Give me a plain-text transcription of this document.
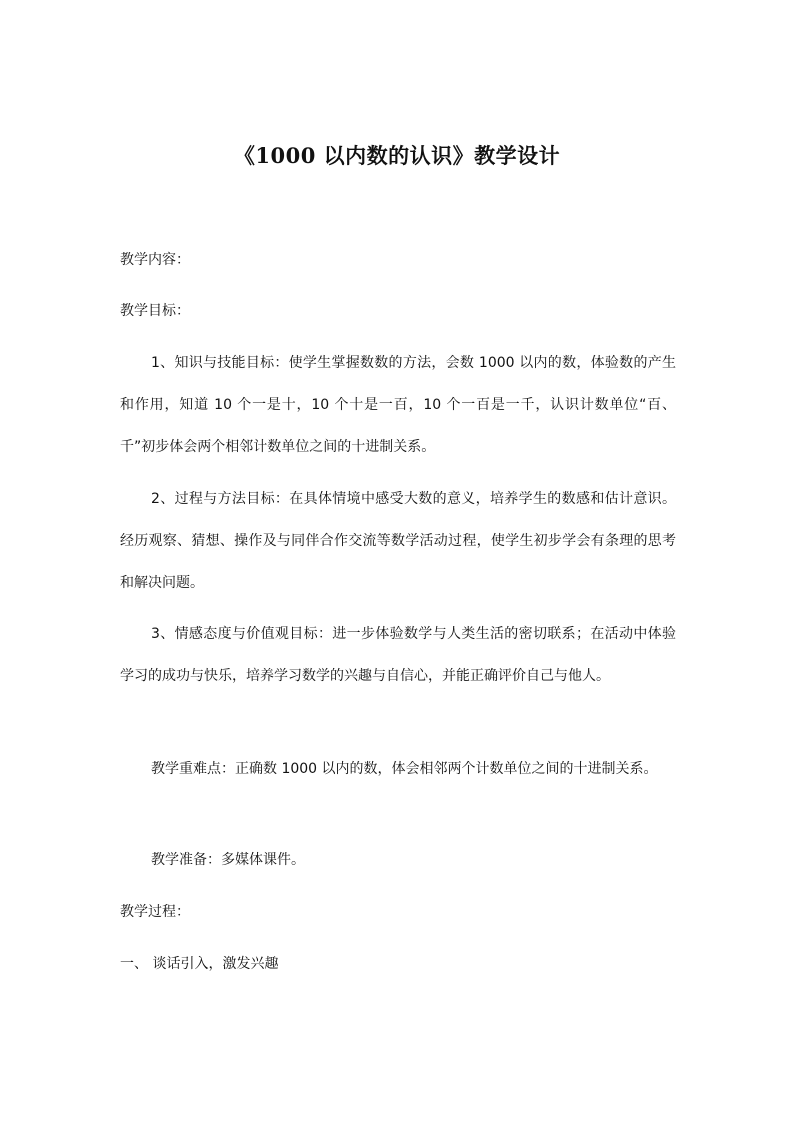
《1000 以内数的认识》教学设计
教学内容：
教学目标：
1、知识与技能目标：使学生掌握数数的方法，会数 1000 以内的数，体验数的产生和作用，知道 10 个一是十，10 个十是一百，10 个一百是一千，认识计数单位“百、千”初步体会两个相邻计数单位之间的十进制关系。
2、过程与方法目标：在具体情境中感受大数的意义，培养学生的数感和估计意识。经历观察、猜想、操作及与同伴合作交流等数学活动过程，使学生初步学会有条理的思考和解决问题。
3、情感态度与价值观目标：进一步体验数学与人类生活的密切联系；在活动中体验学习的成功与快乐，培养学习数学的兴趣与自信心，并能正确评价自己与他人。
教学重难点：正确数 1000 以内的数，体会相邻两个计数单位之间的十进制关系。
教学准备：多媒体课件。
教学过程：
一、 谈话引入，激发兴趣
